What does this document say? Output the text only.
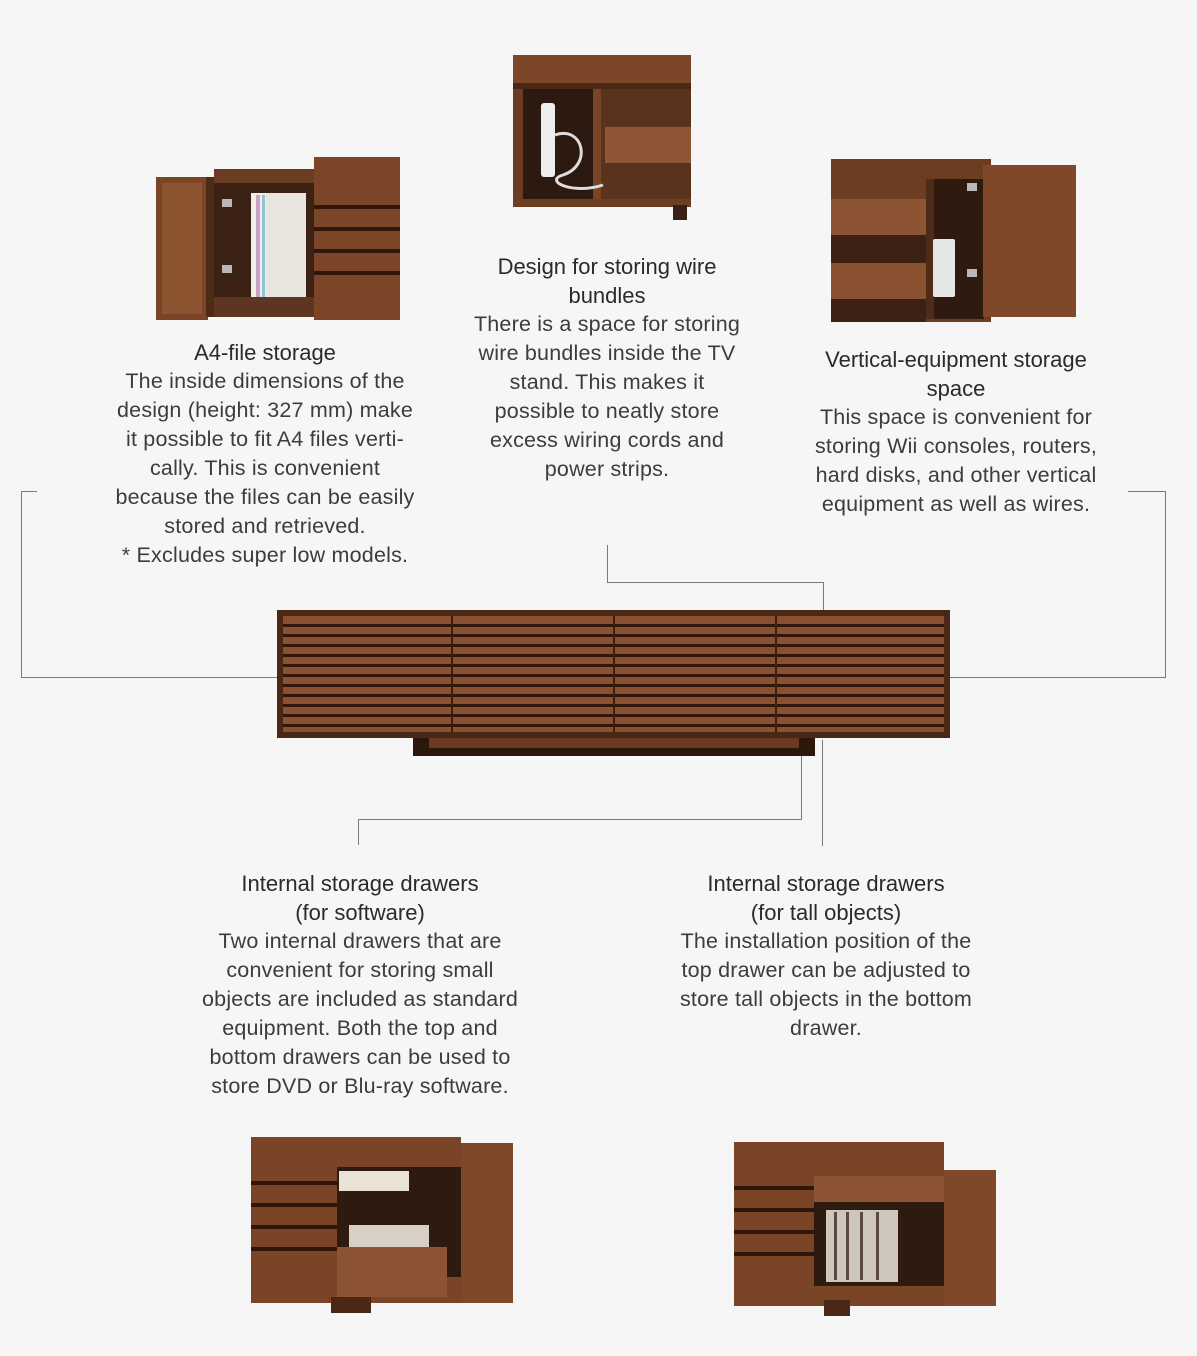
A4-file storage
The inside dimensions of the
design (height: 327 mm) make
it possible to fit A4 files verti-
cally. This is convenient
because the files can be easily
stored and retrieved.
* Excludes super low models.
Design for storing wire
bundles
There is a space for storing
wire bundles inside the TV
stand. This makes it
possible to neatly store
excess wiring cords and
power strips.
Vertical-equipment storage
space
This space is convenient for
storing Wii consoles, routers,
hard disks, and other vertical
equipment as well as wires.
Internal storage drawers
(for software)
Two internal drawers that are
convenient for storing small
objects are included as standard
equipment. Both the top and
bottom drawers can be used to
store DVD or Blu-ray software.
Internal storage drawers
(for tall objects)
The installation position of the
top drawer can be adjusted to
store tall objects in the bottom
drawer.
